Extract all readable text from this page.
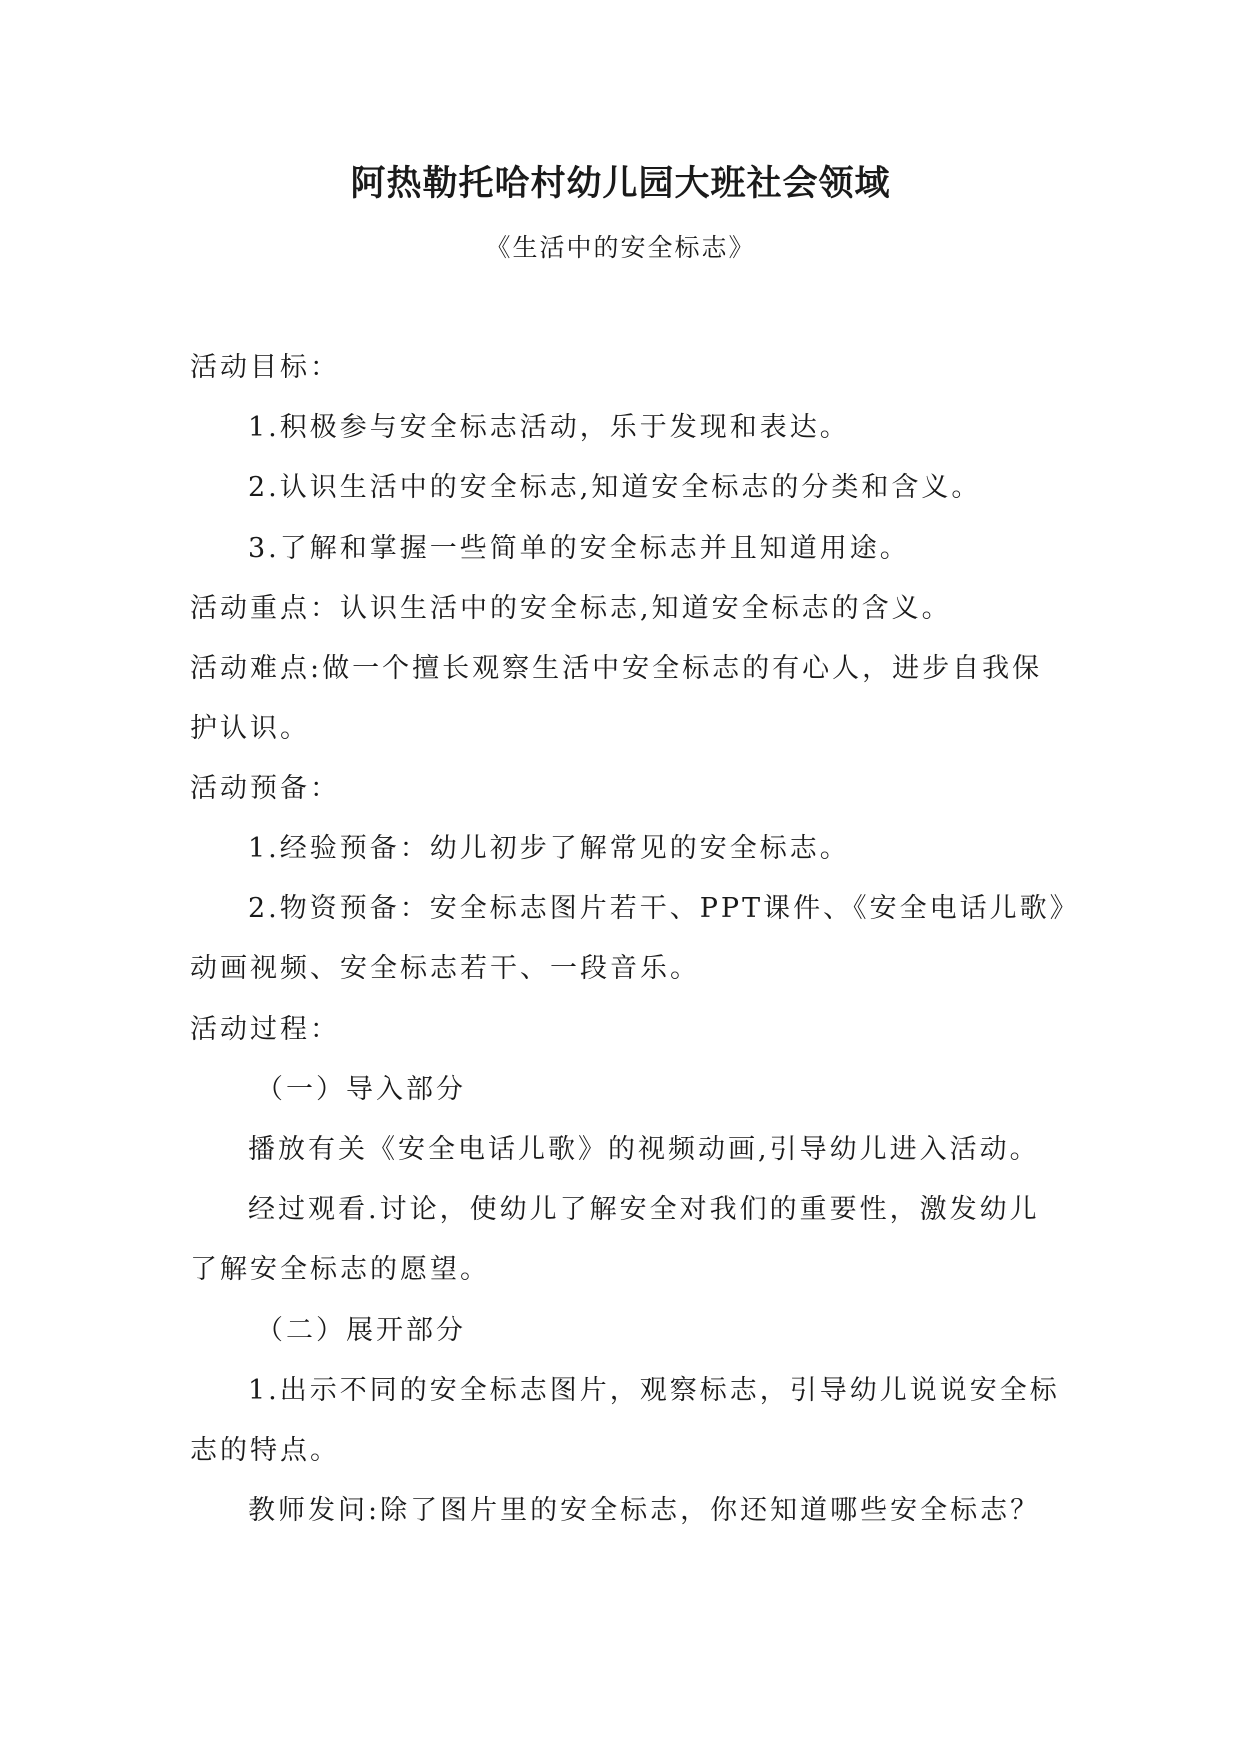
阿热勒托哈村幼儿园大班社会领域
《生活中的安全标志》
活动目标：
1.积极参与安全标志活动，乐于发现和表达。
2.认识生活中的安全标志,知道安全标志的分类和含义。
3.了解和掌握一些简单的安全标志并且知道用途。
活动重点：认识生活中的安全标志,知道安全标志的含义。
活动难点:做一个擅长观察生活中安全标志的有心人，进步自我保
护认识。
活动预备：
1.经验预备：幼儿初步了解常见的安全标志。
2.物资预备：安全标志图片若干、PPT课件、《安全电话儿歌》
动画视频、安全标志若干、一段音乐。
活动过程：
（一）导入部分
播放有关《安全电话儿歌》的视频动画,引导幼儿进入活动。
经过观看.讨论，使幼儿了解安全对我们的重要性，激发幼儿
了解安全标志的愿望。
（二）展开部分
1.出示不同的安全标志图片，观察标志，引导幼儿说说安全标
志的特点。
教师发问:除了图片里的安全标志，你还知道哪些安全标志？
